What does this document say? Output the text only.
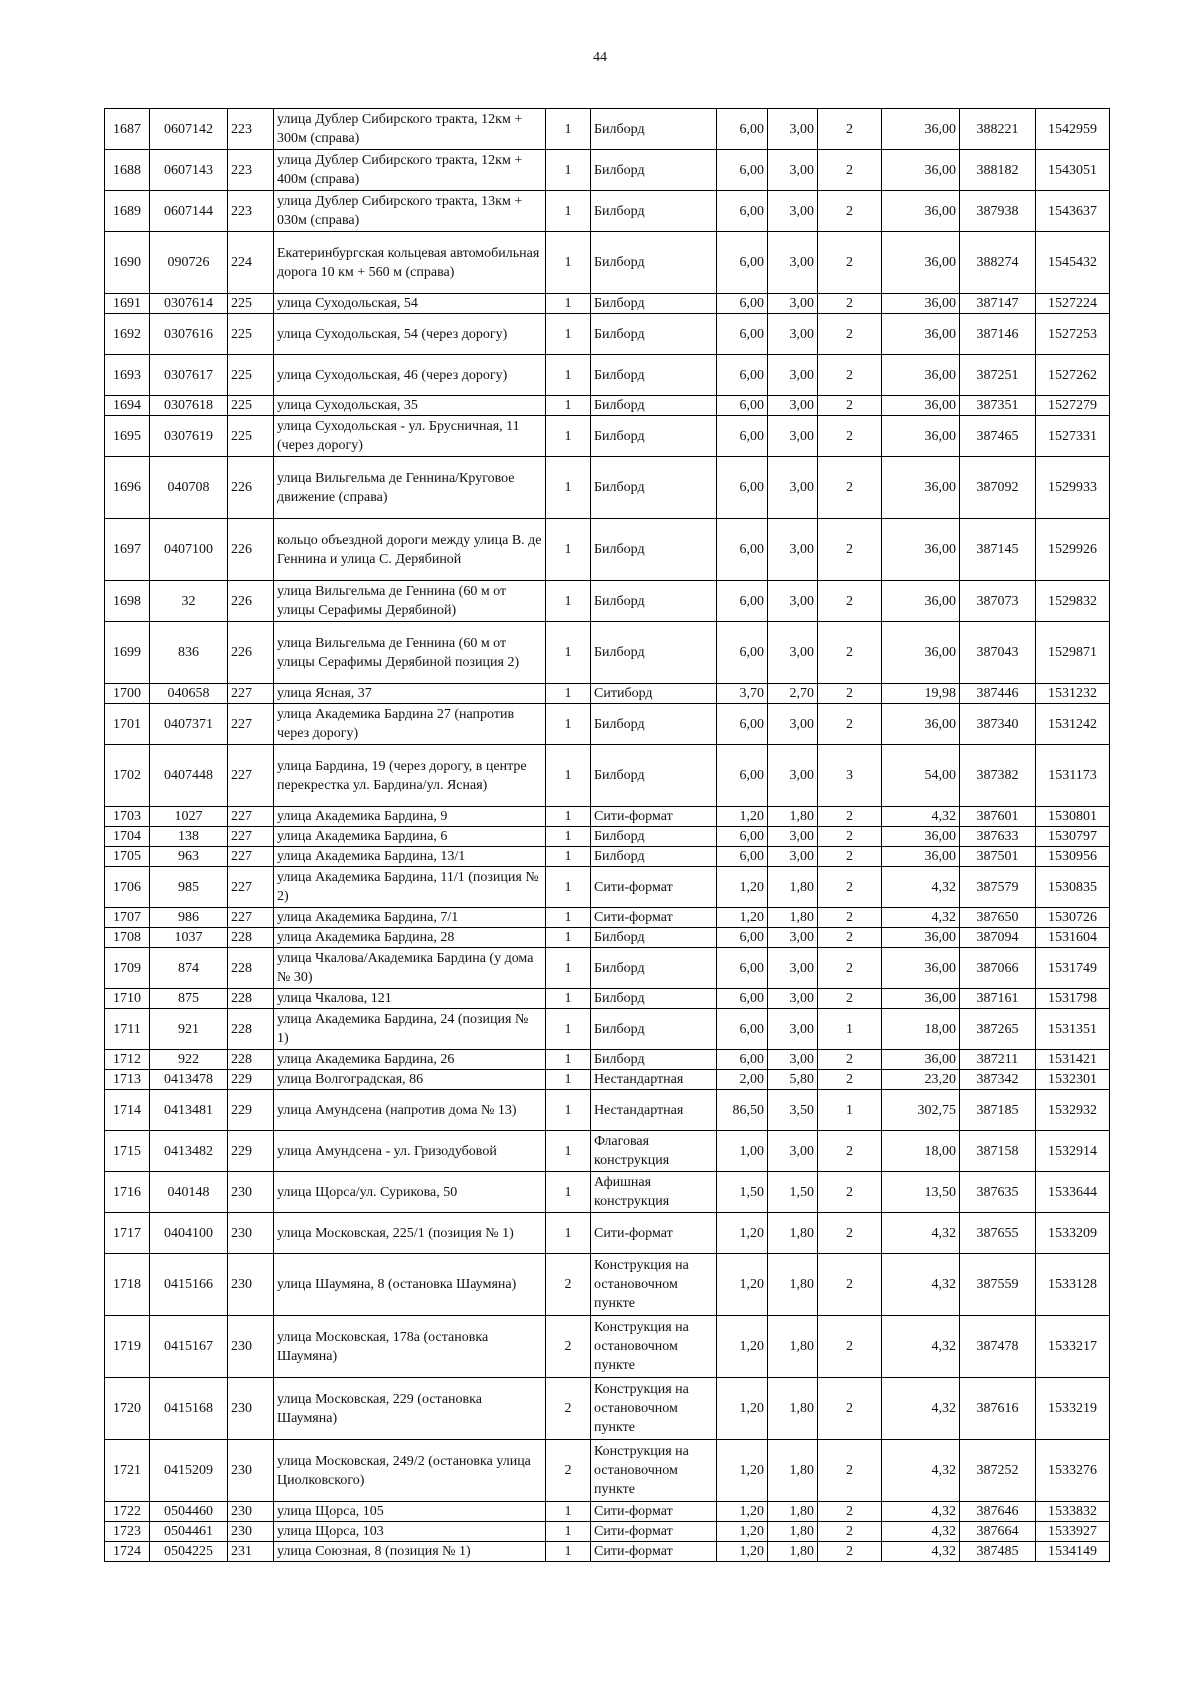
44
1687	0607142	223	улица Дублер Сибирского тракта, 12км + 300м (справа)	1	Билборд	6,00	3,00	2	36,00	388221	1542959
1688	0607143	223	улица Дублер Сибирского тракта, 12км + 400м (справа)	1	Билборд	6,00	3,00	2	36,00	388182	1543051
1689	0607144	223	улица Дублер Сибирского тракта, 13км + 030м (справа)	1	Билборд	6,00	3,00	2	36,00	387938	1543637
1690	090726	224	Екатеринбургская кольцевая автомобильная дорога 10 км + 560 м (справа)	1	Билборд	6,00	3,00	2	36,00	388274	1545432
1691	0307614	225	улица Суходольская, 54	1	Билборд	6,00	3,00	2	36,00	387147	1527224
1692	0307616	225	улица Суходольская, 54 (через дорогу)	1	Билборд	6,00	3,00	2	36,00	387146	1527253
1693	0307617	225	улица Суходольская, 46 (через дорогу)	1	Билборд	6,00	3,00	2	36,00	387251	1527262
1694	0307618	225	улица Суходольская, 35	1	Билборд	6,00	3,00	2	36,00	387351	1527279
1695	0307619	225	улица Суходольская - ул. Брусничная, 11 (через дорогу)	1	Билборд	6,00	3,00	2	36,00	387465	1527331
1696	040708	226	улица Вильгельма де Геннина/Круговое движение (справа)	1	Билборд	6,00	3,00	2	36,00	387092	1529933
1697	0407100	226	кольцо объездной дороги между улица В. де Геннина и улица С. Дерябиной	1	Билборд	6,00	3,00	2	36,00	387145	1529926
1698	32	226	улица Вильгельма де Геннина (60 м от улицы Серафимы Дерябиной)	1	Билборд	6,00	3,00	2	36,00	387073	1529832
1699	836	226	улица Вильгельма де Геннина (60 м от улицы Серафимы Дерябиной позиция 2)	1	Билборд	6,00	3,00	2	36,00	387043	1529871
1700	040658	227	улица Ясная, 37	1	Ситиборд	3,70	2,70	2	19,98	387446	1531232
1701	0407371	227	улица Академика Бардина 27 (напротив через дорогу)	1	Билборд	6,00	3,00	2	36,00	387340	1531242
1702	0407448	227	улица Бардина, 19 (через дорогу, в центре перекрестка ул. Бардина/ул. Ясная)	1	Билборд	6,00	3,00	3	54,00	387382	1531173
1703	1027	227	улица Академика Бардина, 9	1	Сити-формат	1,20	1,80	2	4,32	387601	1530801
1704	138	227	улица Академика Бардина, 6	1	Билборд	6,00	3,00	2	36,00	387633	1530797
1705	963	227	улица Академика Бардина, 13/1	1	Билборд	6,00	3,00	2	36,00	387501	1530956
1706	985	227	улица Академика Бардина, 11/1 (позиция № 2)	1	Сити-формат	1,20	1,80	2	4,32	387579	1530835
1707	986	227	улица Академика Бардина, 7/1	1	Сити-формат	1,20	1,80	2	4,32	387650	1530726
1708	1037	228	улица Академика Бардина, 28	1	Билборд	6,00	3,00	2	36,00	387094	1531604
1709	874	228	улица Чкалова/Академика Бардина (у дома № 30)	1	Билборд	6,00	3,00	2	36,00	387066	1531749
1710	875	228	улица Чкалова, 121	1	Билборд	6,00	3,00	2	36,00	387161	1531798
1711	921	228	улица Академика Бардина, 24 (позиция № 1)	1	Билборд	6,00	3,00	1	18,00	387265	1531351
1712	922	228	улица Академика Бардина, 26	1	Билборд	6,00	3,00	2	36,00	387211	1531421
1713	0413478	229	улица Волгоградская, 86	1	Нестандартная	2,00	5,80	2	23,20	387342	1532301
1714	0413481	229	улица Амундсена (напротив дома № 13)	1	Нестандартная	86,50	3,50	1	302,75	387185	1532932
1715	0413482	229	улица Амундсена - ул. Гризодубовой	1	Флаговая конструкция	1,00	3,00	2	18,00	387158	1532914
1716	040148	230	улица Щорса/ул. Сурикова, 50	1	Афишная конструкция	1,50	1,50	2	13,50	387635	1533644
1717	0404100	230	улица Московская, 225/1 (позиция № 1)	1	Сити-формат	1,20	1,80	2	4,32	387655	1533209
1718	0415166	230	улица Шаумяна, 8 (остановка Шаумяна)	2	Конструкция на остановочном пункте	1,20	1,80	2	4,32	387559	1533128
1719	0415167	230	улица Московская, 178а (остановка Шаумяна)	2	Конструкция на остановочном пункте	1,20	1,80	2	4,32	387478	1533217
1720	0415168	230	улица Московская, 229 (остановка Шаумяна)	2	Конструкция на остановочном пункте	1,20	1,80	2	4,32	387616	1533219
1721	0415209	230	улица Московская, 249/2 (остановка улица Циолковского)	2	Конструкция на остановочном пункте	1,20	1,80	2	4,32	387252	1533276
1722	0504460	230	улица Щорса, 105	1	Сити-формат	1,20	1,80	2	4,32	387646	1533832
1723	0504461	230	улица Щорса, 103	1	Сити-формат	1,20	1,80	2	4,32	387664	1533927
1724	0504225	231	улица Союзная, 8 (позиция № 1)	1	Сити-формат	1,20	1,80	2	4,32	387485	1534149
